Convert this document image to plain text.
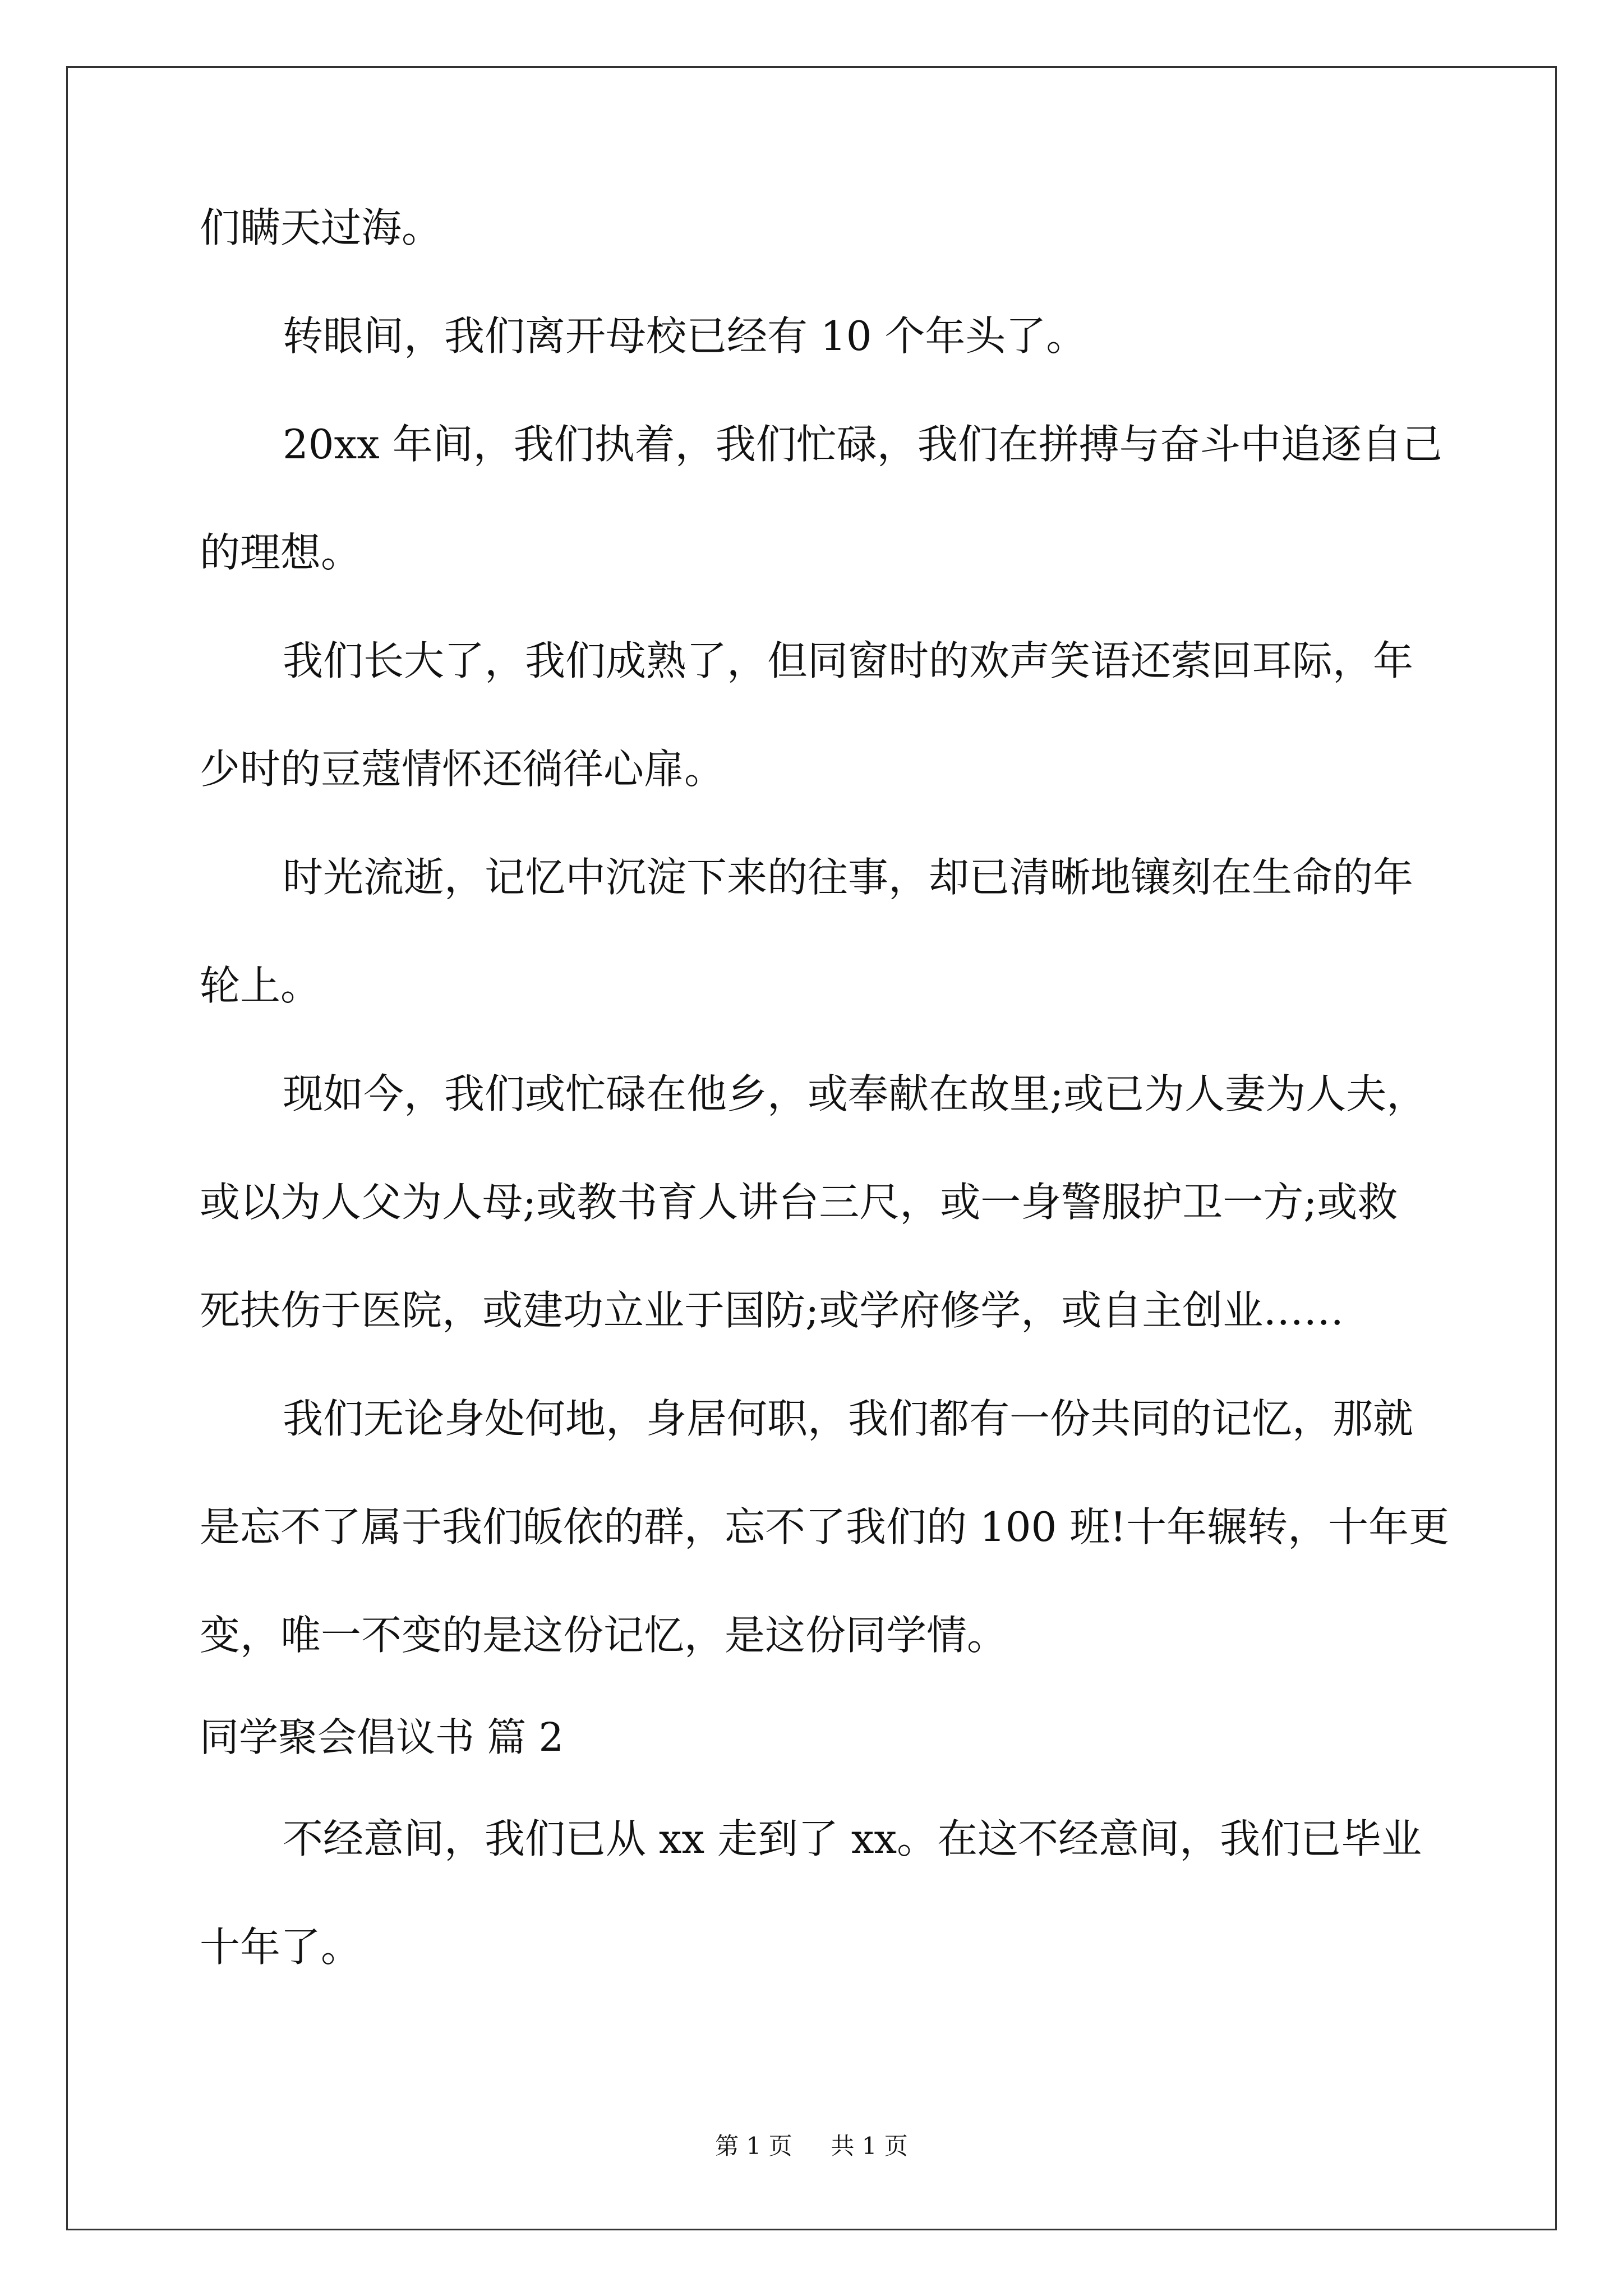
们瞒天过海。
转眼间，我们离开母校已经有 10 个年头了。
20xx 年间，我们执着，我们忙碌，我们在拼搏与奋斗中追逐自己
的理想。
我们长大了，我们成熟了，但同窗时的欢声笑语还萦回耳际，年
少时的豆蔻情怀还徜徉心扉。
时光流逝，记忆中沉淀下来的往事，却已清晰地镶刻在生命的年
轮上。
现如今，我们或忙碌在他乡，或奉献在故里;或已为人妻为人夫，
或以为人父为人母;或教书育人讲台三尺，或一身警服护卫一方;或救
死扶伤于医院，或建功立业于国防;或学府修学，或自主创业……
我们无论身处何地，身居何职，我们都有一份共同的记忆，那就
是忘不了属于我们皈依的群，忘不了我们的 100 班!十年辗转，十年更
变，唯一不变的是这份记忆，是这份同学情。
同学聚会倡议书 篇 2
不经意间，我们已从 xx 走到了 xx。在这不经意间，我们已毕业
十年了。
第 1 页 共 1 页
